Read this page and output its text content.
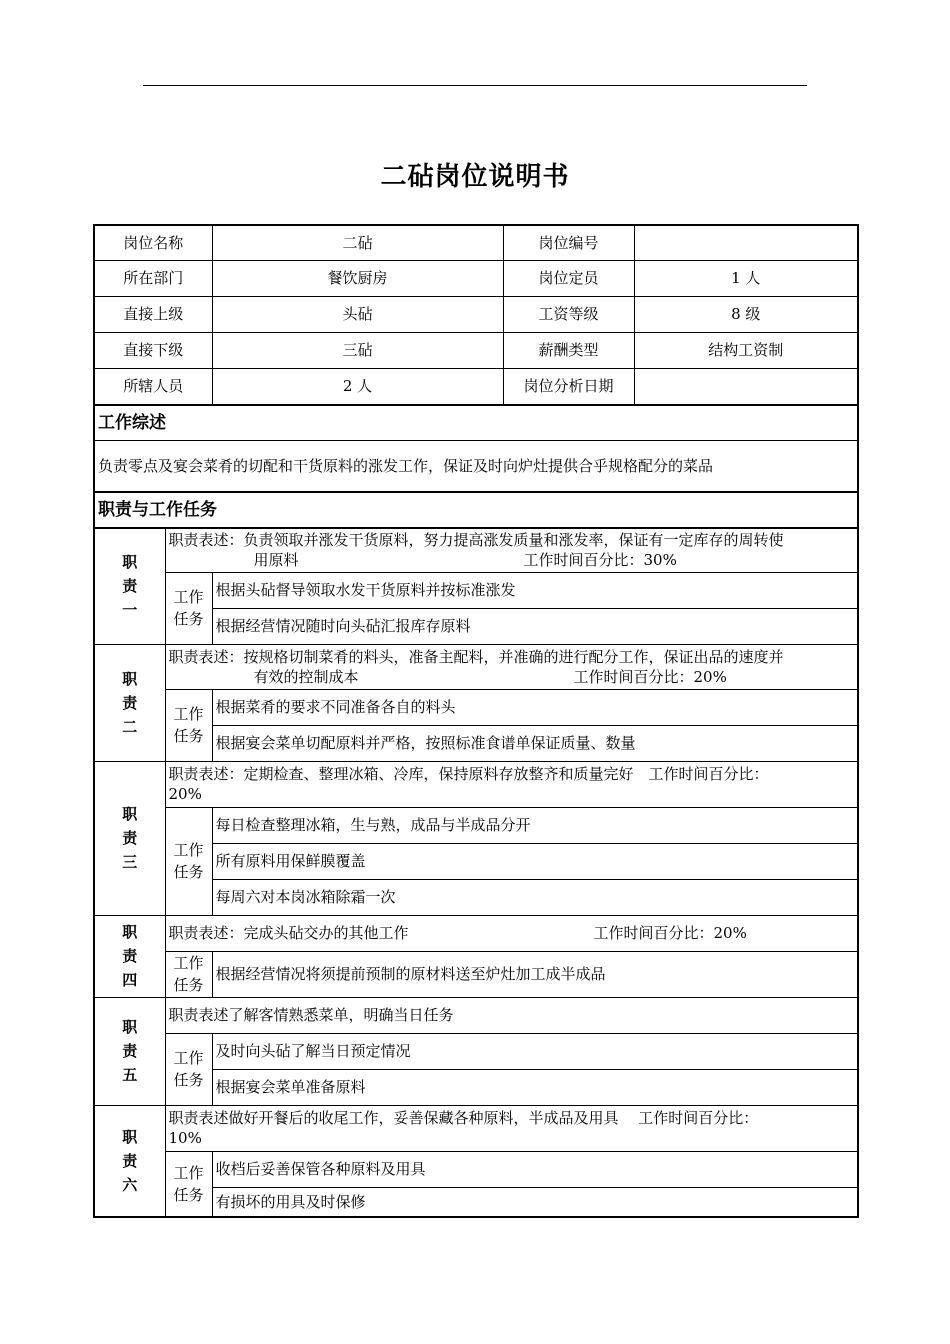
二砧岗位说明书
岗位名称		二砧	岗位编号	
所在部门		餐饮厨房	岗位定员	1 人
直接上级		头砧	工资等级	8 级
直接下级		三砧	薪酬类型	结构工资制
所辖人员		2 人	岗位分析日期	
工作综述				
负责零点及宴会菜肴的切配和干货原料的涨发工作，保证及时向炉灶提供合乎规格配分的菜品				
职责与工作任务				
职责一	职责表述：负责领取并涨发干货原料，努力提高涨发质量和涨发率，保证有一定库存的周转使
用原料 工作时间百分比：30%			

	工作任务	根据头砧督导领取水发干货原料并按标准涨发		
		根据经营情况随时向头砧汇报库存原料		
职责二	职责表述：按规格切制菜肴的料头，准备主配料，并准确的进行配分工作，保证出品的速度并
有效的控制成本 工作时间百分比：20%			

	工作任务	根据菜肴的要求不同准备各自的料头		
		根据宴会菜单切配原料并严格，按照标准食谱单保证质量、数量		
职责三	职责表述：定期检查、整理冰箱、冷库，保持原料存放整齐和质量完好　工作时间百分比：
20%			

	工作任务	每日检查整理冰箱，生与熟，成品与半成品分开		
		所有原料用保鲜膜覆盖		
		每周六对本岗冰箱除霜一次		
职责四	职责表述：完成头砧交办的其他工作 工作时间百分比：20%			
	工作任务	根据经营情况将须提前预制的原材料送至炉灶加工成半成品		
职责五	职责表述了解客情熟悉菜单，明确当日任务			
	工作任务	及时向头砧了解当日预定情况		
		根据宴会菜单准备原料		
职责六	职责表述做好开餐后的收尾工作，妥善保藏各种原料，半成品及用具　 工作时间百分比：
10%			

	工作任务	收档后妥善保管各种原料及用具		
		有损坏的用具及时保修		
